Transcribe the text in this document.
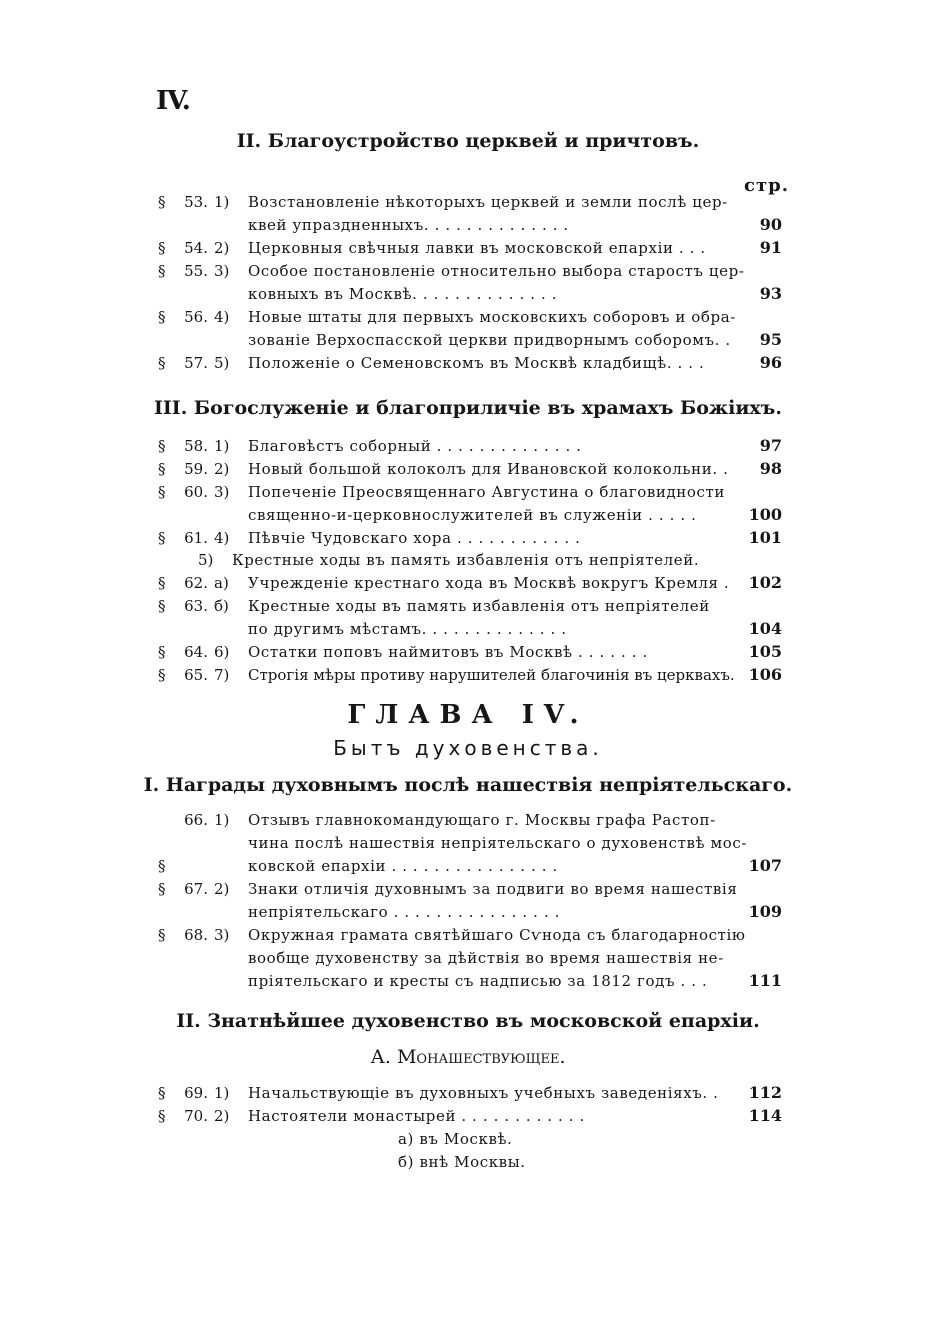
IV.
II. Благоустройство церквей и причтовъ.
стр.
§	53. 1) Возстановленіе нѣкоторыхъ церквей и земли послѣ цер-
квей упраздненныхъ. . . . . . . . . . . . . .	90
§	54. 2) Церковныя свѣчныя лавки въ московской епархіи . . .	91
§	55. 3) Особое постановленіе относительно выбора старостъ цер-
ковныхъ въ Москвѣ. . . . . . . . . . . . . .	93
§	56. 4) Новые штаты для первыхъ московскихъ соборовъ и обра-
зованіе Верхоспасской церкви придворнымъ соборомъ. .	95
§	57. 5) Положеніе о Семеновскомъ въ Москвѣ кладбищѣ. . . .	96
III. Богослуженіе и благоприличіе въ храмахъ Божіихъ.
§	58. 1) Благовѣстъ соборный . . . . . . . . . . . . . .	97
§	59. 2) Новый большой колоколъ для Ивановской колокольни. .	98
§	60. 3) Попеченіе Преосвященнаго Августина о благовидности
священно-и-церковнослужителей въ служеніи . . . . .	100
§	61. 4) Пѣвчіе Чудовскаго хора . . . . . . . . . . . .	101
5) Крестные ходы въ память избавленія отъ непріятелей.
§	62. а) Учрежденіе крестнаго хода въ Москвѣ вокругъ Кремля .	102
§	63. б) Крестные ходы въ память избавленія отъ непріятелей
по другимъ мѣстамъ. . . . . . . . . . . . . .	104
§	64. 6) Остатки поповъ наймитовъ въ Москвѣ . . . . . . .	105
§	65. 7) Строгія мѣры противу нарушителей благочинія въ церквахъ. 106
ГЛАВА IV.
Бытъ духовенства.
I. Награды духовнымъ послѣ нашествія непріятельскаго.
66. 1) Отзывъ главнокомандующаго г. Москвы графа Растоп-
чина послѣ нашествія непріятельскаго о духовенствѣ мос-
§	ковской епархіи . . . . . . . . . . . . . . . .	107
§	67. 2) Знаки отличія духовнымъ за подвиги во время нашествія
непріятельскаго . . . . . . . . . . . . . . . .	109
§	68. 3) Окружная грамата святѣйшаго Сѵнода съ благодарностію
вообще духовенству за дѣйствія во время нашествія не-
пріятельскаго и кресты съ надписью за 1812 годъ . . .	111
II. Знатнѣйшее духовенство въ московской епархіи.
А. Монашествующее.
§	69. 1) Начальствующіе въ духовныхъ учебныхъ заведеніяхъ. .	112
§	70. 2) Настоятели монастырей . . . . . . . . . . . .	114
а) въ Москвѣ.
б) внѣ Москвы.
